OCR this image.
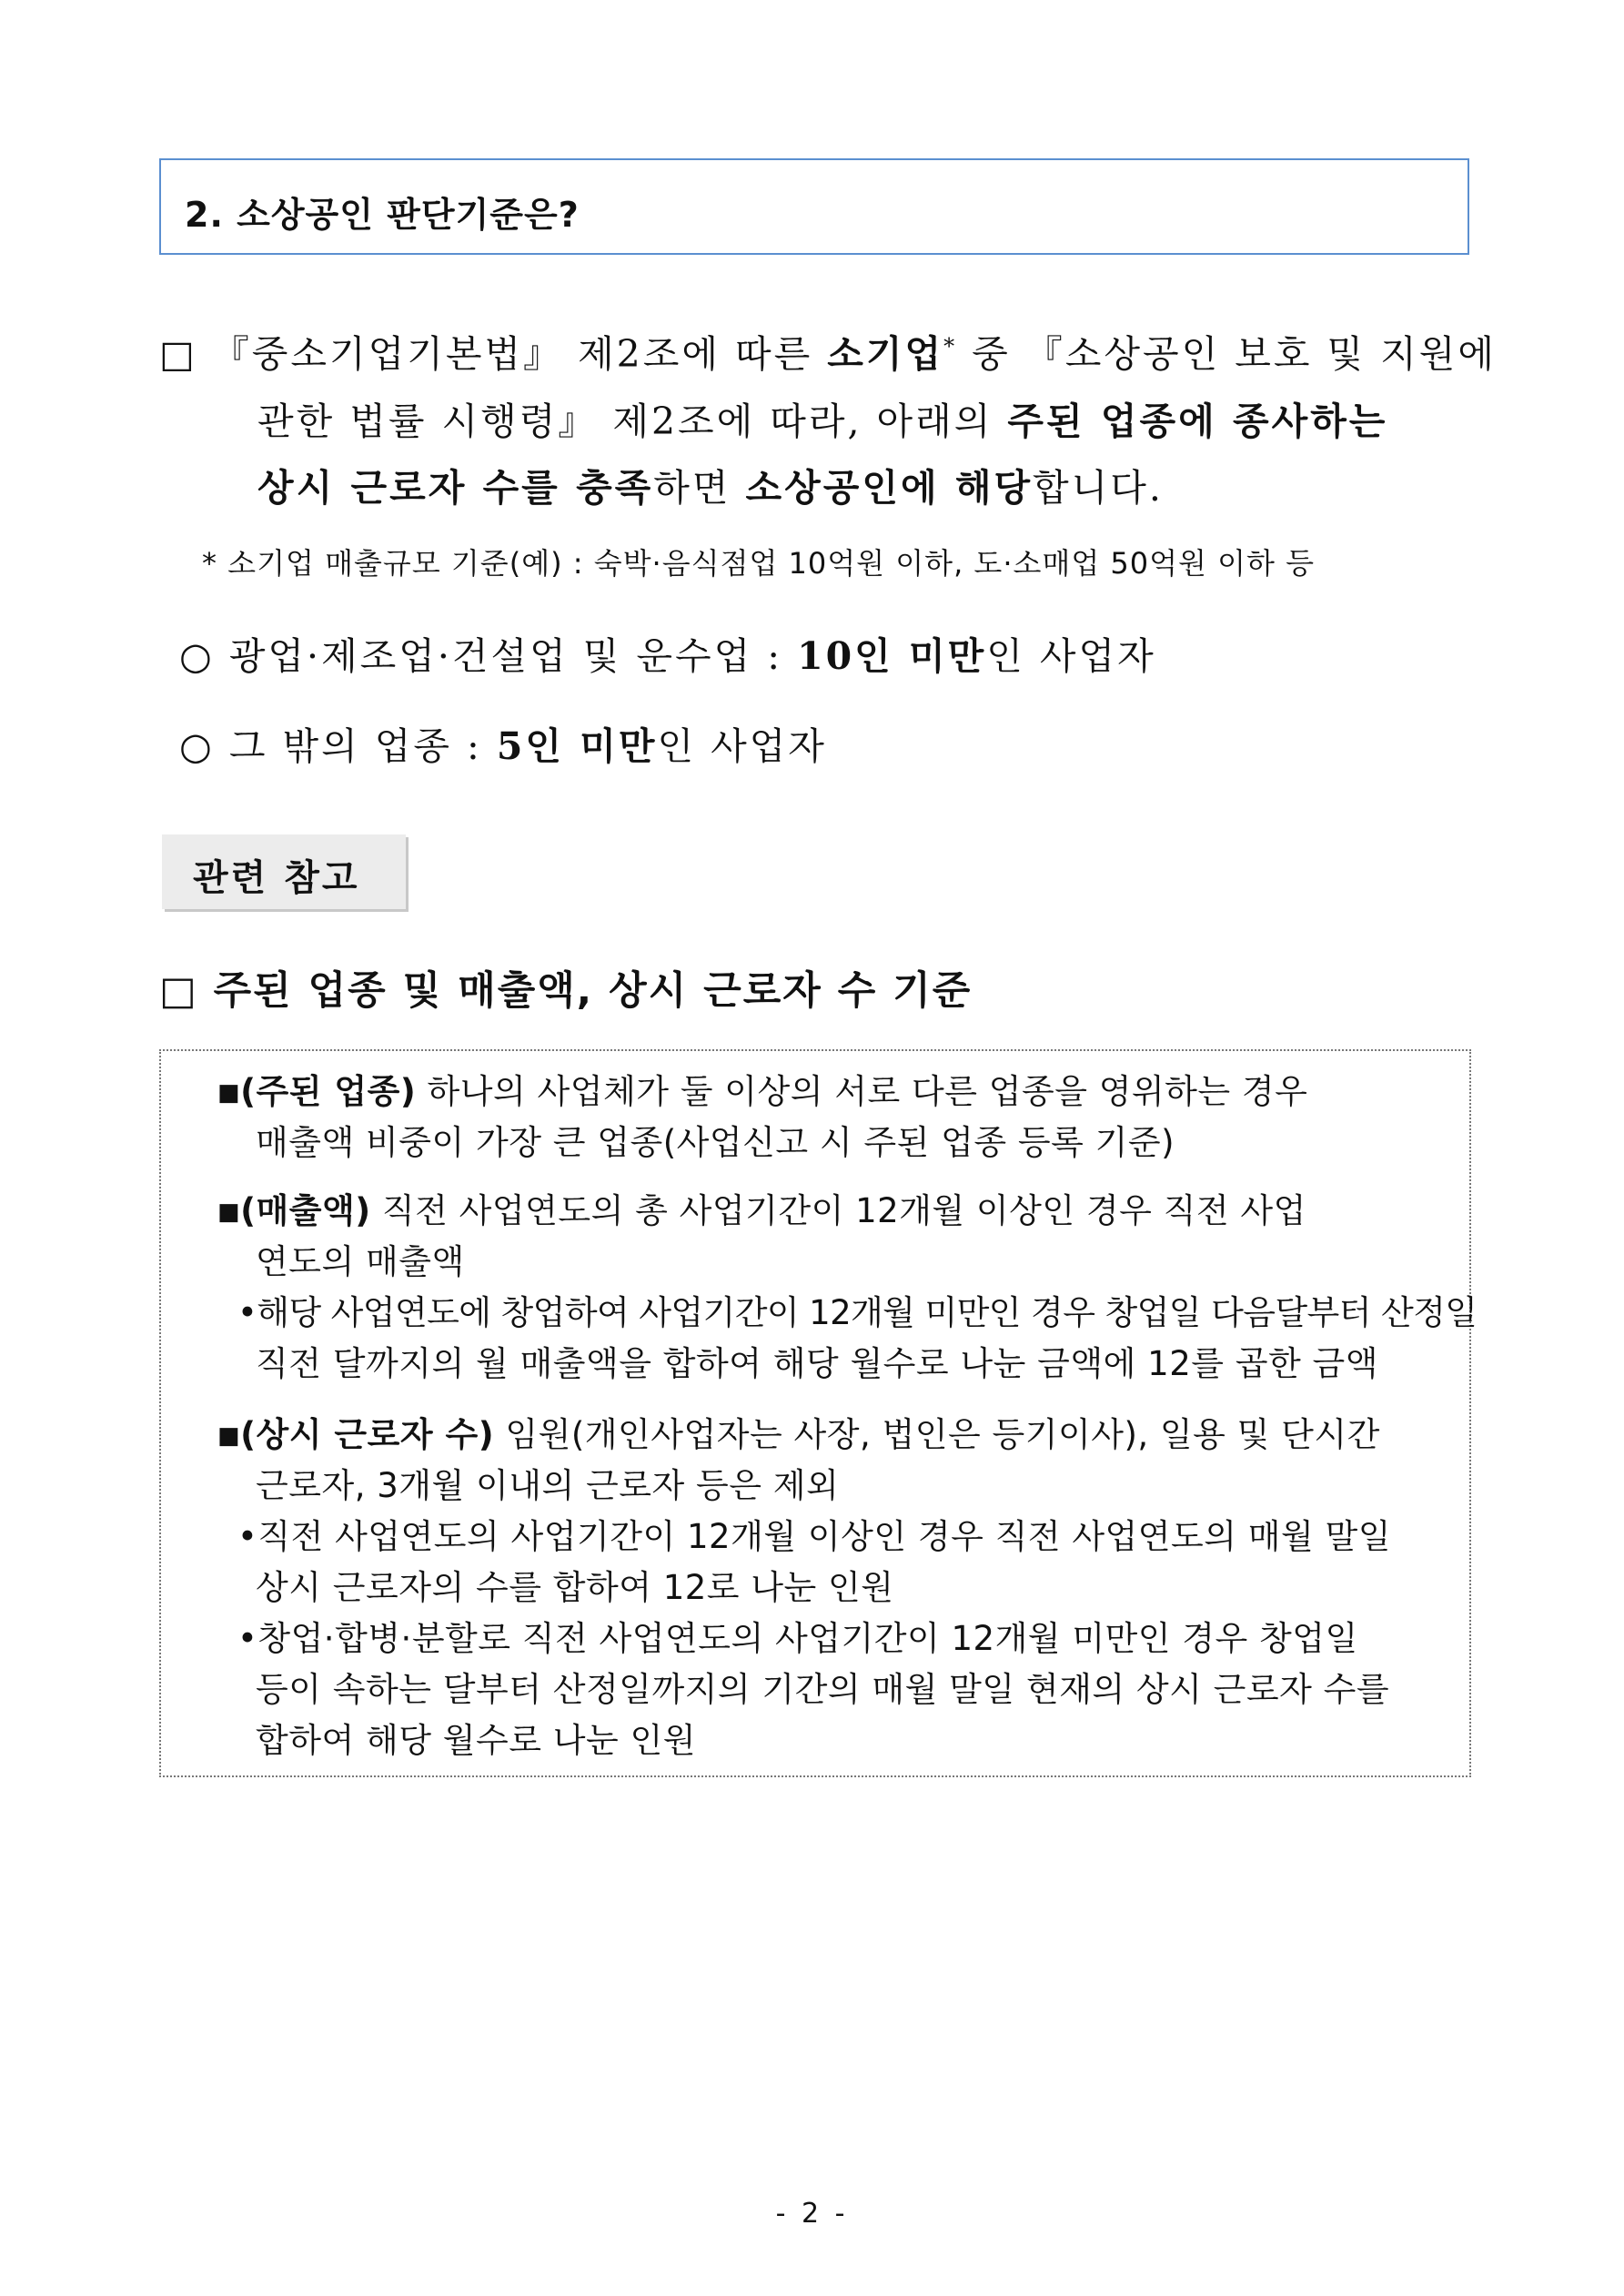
2. 소상공인 판단기준은?
□ 『중소기업기본법』 제2조에 따른 소기업* 중 『소상공인 보호 및 지원에
관한 법률 시행령』 제2조에 따라, 아래의 주된 업종에 종사하는
상시 근로자 수를 충족하면 소상공인에 해당합니다.
* 소기업 매출규모 기준(예) : 숙박·음식점업 10억원 이하, 도·소매업 50억원 이하 등
○ 광업·제조업·건설업 및 운수업 : 10인 미만인 사업자
○ 그 밖의 업종 : 5인 미만인 사업자
관련 참고
□ 주된 업종 및 매출액, 상시 근로자 수 기준
■(주된 업종) 하나의 사업체가 둘 이상의 서로 다른 업종을 영위하는 경우
매출액 비중이 가장 큰 업종(사업신고 시 주된 업종 등록 기준)
■(매출액) 직전 사업연도의 총 사업기간이 12개월 이상인 경우 직전 사업
연도의 매출액
•해당 사업연도에 창업하여 사업기간이 12개월 미만인 경우 창업일 다음달부터 산정일
직전 달까지의 월 매출액을 합하여 해당 월수로 나눈 금액에 12를 곱한 금액
■(상시 근로자 수) 임원(개인사업자는 사장, 법인은 등기이사), 일용 및 단시간
근로자, 3개월 이내의 근로자 등은 제외
•직전 사업연도의 사업기간이 12개월 이상인 경우 직전 사업연도의 매월 말일
상시 근로자의 수를 합하여 12로 나눈 인원
•창업·합병·분할로 직전 사업연도의 사업기간이 12개월 미만인 경우 창업일
등이 속하는 달부터 산정일까지의 기간의 매월 말일 현재의 상시 근로자 수를
합하여 해당 월수로 나눈 인원
- 2 -
